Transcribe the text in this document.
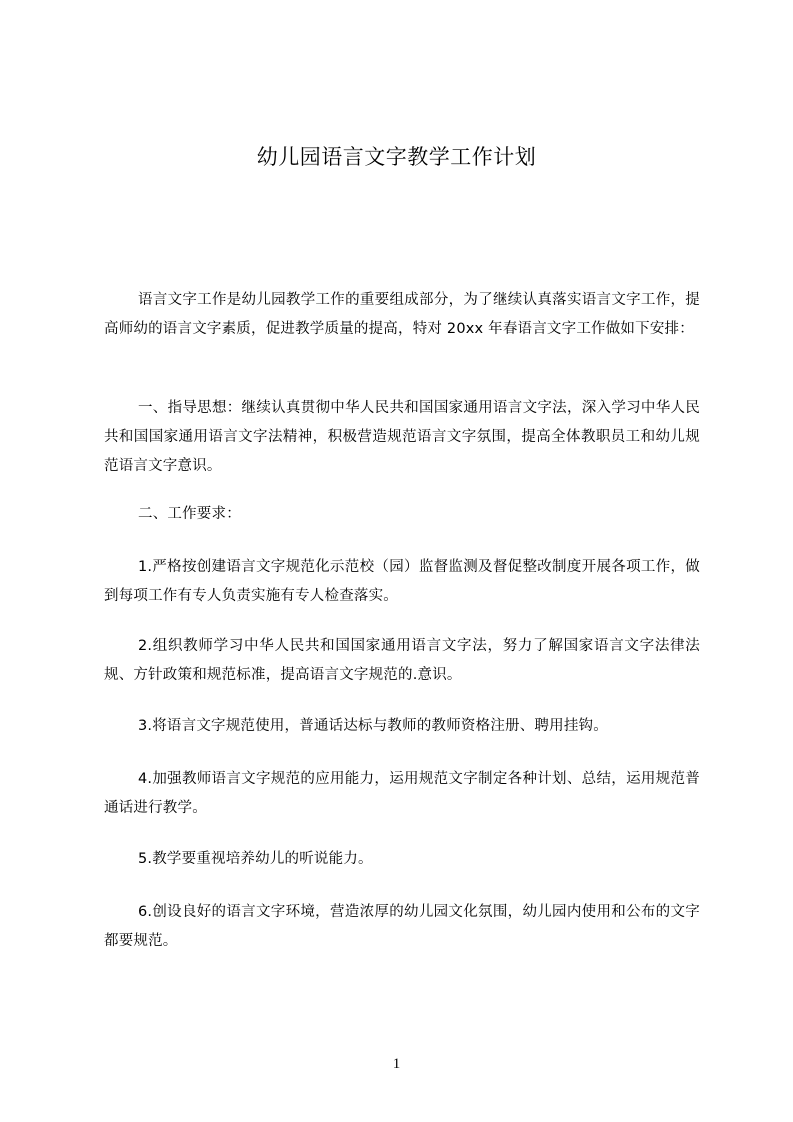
幼儿园语言文字教学工作计划

语言文字工作是幼儿园教学工作的重要组成部分，为了继续认真落实语言文字工作，提高师幼的语言文字素质，促进教学质量的提高，特对 20xx 年春语言文字工作做如下安排：

一、指导思想：继续认真贯彻中华人民共和国国家通用语言文字法，深入学习中华人民共和国国家通用语言文字法精神，积极营造规范语言文字氛围，提高全体教职员工和幼儿规范语言文字意识。

二、工作要求：

1.严格按创建语言文字规范化示范校（园）监督监测及督促整改制度开展各项工作，做到每项工作有专人负责实施有专人检查落实。

2.组织教师学习中华人民共和国国家通用语言文字法，努力了解国家语言文字法律法规、方针政策和规范标准，提高语言文字规范的.意识。

3.将语言文字规范使用，普通话达标与教师的教师资格注册、聘用挂钩。

4.加强教师语言文字规范的应用能力，运用规范文字制定各种计划、总结，运用规范普通话进行教学。

5.教学要重视培养幼儿的听说能力。

6.创设良好的语言文字环境，营造浓厚的幼儿园文化氛围，幼儿园内使用和公布的文字都要规范。

1
